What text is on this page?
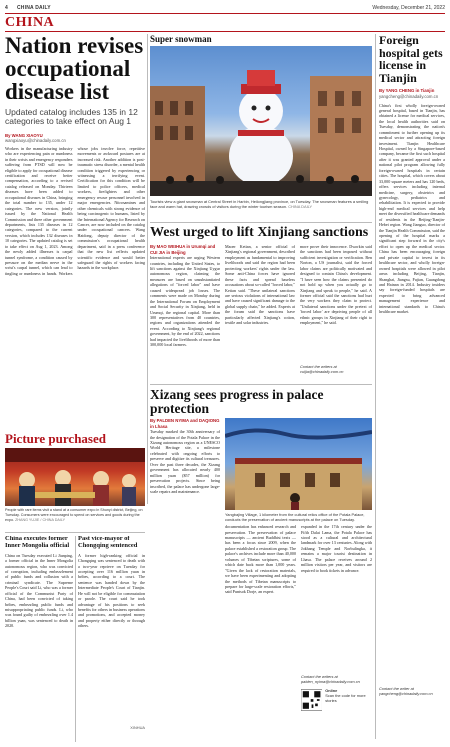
4 CHINA DAILY	Wednesday, December 21, 2022
CHINA
Nation revises occupational disease list
Updated catalog includes 135 in 12 categories to take effect on Aug 1
By WANG XIAOYU
wangxiaoyu@chinadaily.com.cn
Workers in the manufacturing industry who are experiencing pain or numbness in their wrists and emergency responders suffering from PTSD will now be eligible to apply for occupational disease certification and receive better compensation, according to a revised catalog released on Monday. Thirteen diseases have been added to occupational diseases in China, bringing the total number to 135, under 12 categories. The new version, jointly issued by the National Health Commission and three other government departments, lists 135 diseases in 12 categories, compared to the current version, which includes 132 diseases in 10 categories. The updated catalog is set to take effect on Aug 1, 2023. Among the newly added illnesses is carpal tunnel syndrome, a condition caused by pressure on the median nerve in the wrist's carpal tunnel, which can lead to tingling or numbness in hands. Workers whose jobs involve force, repetitive movements or awkward postures are at increased risk. Another addition is post-traumatic stress disorder, a mental health condition triggered by experiencing or witnessing a terrifying event. Certification for this condition will be limited to police officers, medical workers, firefighters and other emergency rescue personnel involved in major emergencies. Nitrosamines and other chemicals with strong evidence of being carcinogenic to humans, listed by the International Agency for Research on Cancer, are now included on the catalog under occupational cancers. Wang Haidong, deputy director of the commission's occupational health department, said in a press conference that the new list reflects updated scientific evidence and would better safeguard the rights of workers facing hazards in the workplace.
Super snowman
Tourists view a giant snowman at Central Street in Harbin, Heilongjiang province, on Tuesday. The snowman features a smiling face and warm hat, drawing crowds of visitors during the winter tourism season. CHINA DAILY
West urged to lift Xinjiang sanctions
By MAO WEIHUA in Urumqi and CUI JIA in Beijing
International experts are urging Western countries, including the United States, to lift sanctions against the Xinjiang Uygur autonomous region, claiming the measures are based on unsubstantiated allegations of "forced labor" and have caused widespread job losses. The comments were made on Monday during the International Forum on Employment and Social Security in Xinjiang, held in Urumqi, the regional capital. More than 300 representatives from 40 countries, regions and organizations attended the event. According to Xinjiang's regional government, by the end of 2022, sanctions had impacted the livelihoods of more than 300,000 local farmers.
Maoer Ketian, a senior official of Xinjiang's regional government, described employment as fundamental to improving livelihoods and said the region had been protecting workers' rights under the law. Some anti-China forces have ignored these facts and spread baseless accusations about so-called "forced labor," Ketian said. "These unilateral sanctions are serious violations of international law and have caused significant damage to the global supply chain," he added. Experts at the forum said the sanctions have particularly affected Xinjiang's cotton, textile and solar industries.
more prove their innocence. Dworkin said the sanctions had been imposed without sufficient investigation or verification. Ben Norton, a US journalist, said the forced labor claims are politically motivated and designed to contain China's development. "I have seen how the claims presented do not hold up when you actually go to Xinjiang and speak to people," he said. A former official said the sanctions had hurt the very workers they claim to protect. "Unilateral sanctions under the pretext of 'forced labor' are depriving people of all ethnic groups in Xinjiang of their right to employment," he said.
Contact the writers at cuijia@chinadaily.com.cn
Picture purchased
People with rare items visit a stand at a consumer expo in Shunyi district, Beijing, on Tuesday. Consumers were encouraged to spend on services and goods during the expo. ZHANG YUJIE / CHINA DAILY
Xizang sees progress in palace protection
By PALDEN NYIMA and DAQIONG in Lhasa
Tuesday marked the 30th anniversary of the designation of the Potala Palace in the Xizang autonomous region as a UNESCO World Heritage site, a milestone celebrated with ongoing efforts to preserve and digitize its cultural treasures. Over the past three decades, the Xizang government has allocated nearly 400 million yuan ($57 million) for preservation projects. Since being inscribed, the palace has undergone large-scale repairs and maintenance.
Yangbajing Village, 1 kilometer from the cultural relics office of the Potala Palace, conducts the preservation of ancient manuscripts at the palace on Tuesday.
documentation has enhanced research and preservation. The preservation of palace manuscripts — ancient Buddhist texts — has been a focus since 2009, when the palace established a restoration group. The palace's archives include more than 40,000 volumes of Tibetan scriptures, some of which date back more than 1,000 years. "Given the lack of restoration materials, we have been experimenting and adopting the methods of Tibetan manuscripts to prepare for large-scale restoration efforts," said Puntsok Dorje, an expert.
expanded in the 17th century under the Fifth Dalai Lama, the Potala Palace has stood as a cultural and architectural landmark for over 13 centuries. Along with Jokhang Temple and Norbulingka, it remains a major tourist destination in Lhasa. The palace receives around 2 million visitors per year, and visitors are required to book tickets in advance.
Contact the writers at palden_nyima@chinadaily.com.cn
Online
Scan the code for more stories
China executes former Inner Mongolia official
China on Tuesday executed Li Jianping, a former official in the Inner Mongolia autonomous region, who was convicted of corruption, including embezzlement of public funds and collusion with a criminal syndicate. The Supreme People's Court said Li, who was a former official of the Communist Party of China, had been convicted of taking bribes, embezzling public funds and misappropriating public funds. Li, who was found guilty of embezzling over 1.4 billion yuan, was sentenced to death in 2020.
Past vice-mayor of Chongqing sentenced
A former high-ranking official in Chongqing was sentenced to death with a two-year reprieve on Tuesday for accepting over 116 million yuan in bribes, according to a court. The sentence was handed down by the Intermediate People's Court of Tianjin. He will not be eligible for commutation or parole. The court said he took advantage of his positions to seek benefits for others in business operations and promotions, and accepted money and property either directly or through others.
XINHUA
Foreign hospital gets license in Tianjin
By YANG CHENG in Tianjin
yangcheng@chinadaily.com.cn
China's first wholly foreign-owned general hospital, based in Tianjin, has obtained a license for medical services, the local health authorities said on Tuesday, demonstrating the nation's commitment to further opening up its medical sector and attracting foreign investment. Tianjin Healthcare Hospital, owned by a Singapore-based company, became the first such hospital after it was granted approval under a national pilot program allowing fully foreign-owned hospitals in certain cities. The hospital, which covers about 33,000 square meters and has 120 beds, offers services including internal medicine, surgery, obstetrics and gynecology, pediatrics and rehabilitation. It is expected to provide high-end medical services and help meet the diversified healthcare demands of residents in the Beijing-Tianjin-Hebei region. Wang Jianguo, director of the Tianjin Health Commission, said the opening of the hospital marks a significant step forward in the city's effort to open up the medical sector. China has been encouraging foreign and private capital to invest in its healthcare sector, and wholly foreign-owned hospitals were allowed in pilot areas including Beijing, Tianjin, Shanghai, Jiangsu, Fujian, Guangdong and Hainan in 2014. Industry insiders say foreign-funded hospitals are expected to bring advanced management experience and international standards to China's healthcare market.
Contact the writer at yangcheng@chinadaily.com.cn
